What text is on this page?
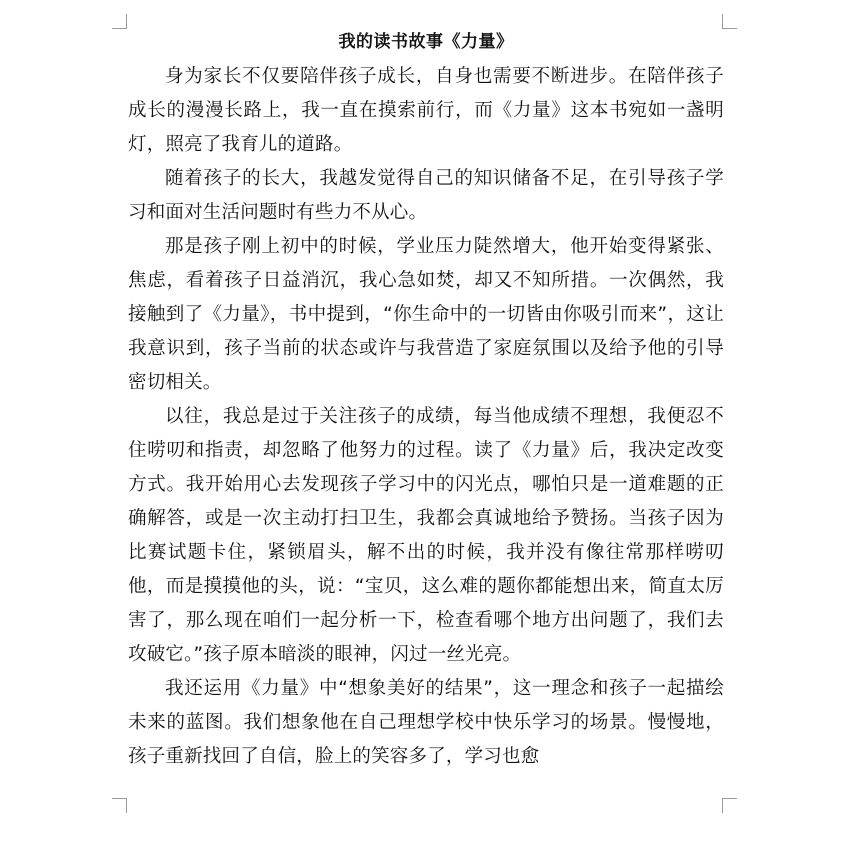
我的读书故事《力量》

身为家长不仅要陪伴孩子成长，自身也需要不断进步。在陪伴孩子成长的漫漫长路上，我一直在摸索前行，而《力量》这本书宛如一盏明灯，照亮了我育儿的道路。

随着孩子的长大，我越发觉得自己的知识储备不足，在引导孩子学习和面对生活问题时有些力不从心。

那是孩子刚上初中的时候，学业压力陡然增大，他开始变得紧张、焦虑，看着孩子日益消沉，我心急如焚，却又不知所措。一次偶然，我接触到了《力量》，书中提到，“你生命中的一切皆由你吸引而来”，这让我意识到，孩子当前的状态或许与我营造了家庭氛围以及给予他的引导密切相关。

以往，我总是过于关注孩子的成绩，每当他成绩不理想，我便忍不住唠叨和指责，却忽略了他努力的过程。读了《力量》后，我决定改变方式。我开始用心去发现孩子学习中的闪光点，哪怕只是一道难题的正确解答，或是一次主动打扫卫生，我都会真诚地给予赞扬。当孩子因为比赛试题卡住，紧锁眉头，解不出的时候，我并没有像往常那样唠叨他，而是摸摸他的头，说：“宝贝，这么难的题你都能想出来，简直太厉害了，那么现在咱们一起分析一下，检查看哪个地方出问题了，我们去攻破它。”孩子原本暗淡的眼神，闪过一丝光亮。

我还运用《力量》中“想象美好的结果”，这一理念和孩子一起描绘未来的蓝图。我们想象他在自己理想学校中快乐学习的场景。慢慢地，孩子重新找回了自信，脸上的笑容多了，学习也愈
